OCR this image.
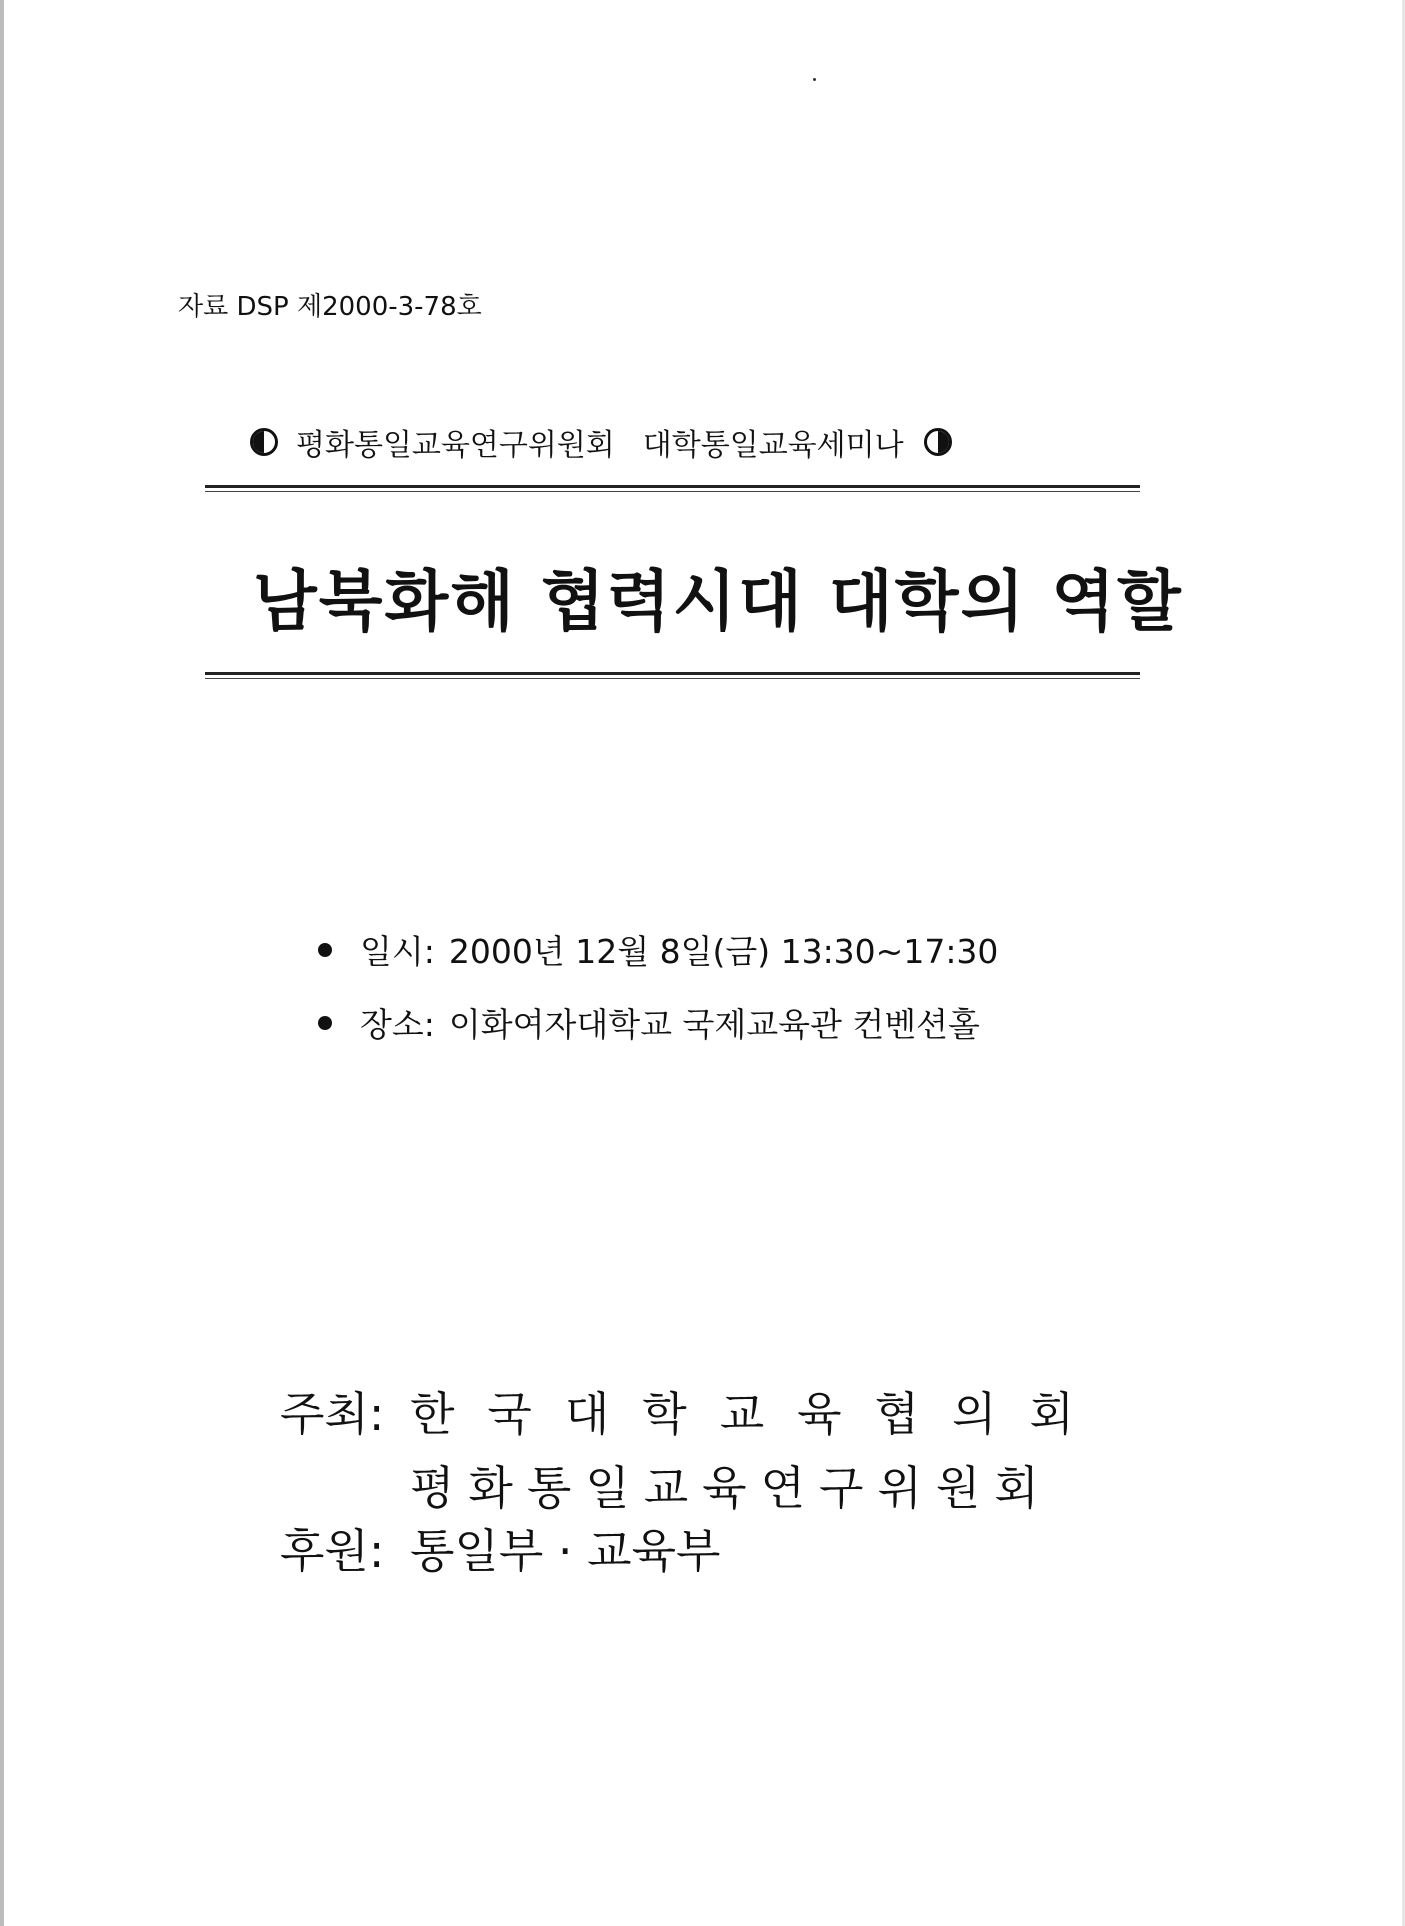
자료 DSP 제2000-3-78호
평화통일교육연구위원회 대학통일교육세미나
남북화해 협력시대 대학의 역할
일시: 2000년 12월 8일(금) 13:30~17:30
장소: 이화여자대학교 국제교육관 컨벤션홀
주최: 한국대학교육협의회
평화통일교육연구위원회
후원: 통일부 · 교육부
